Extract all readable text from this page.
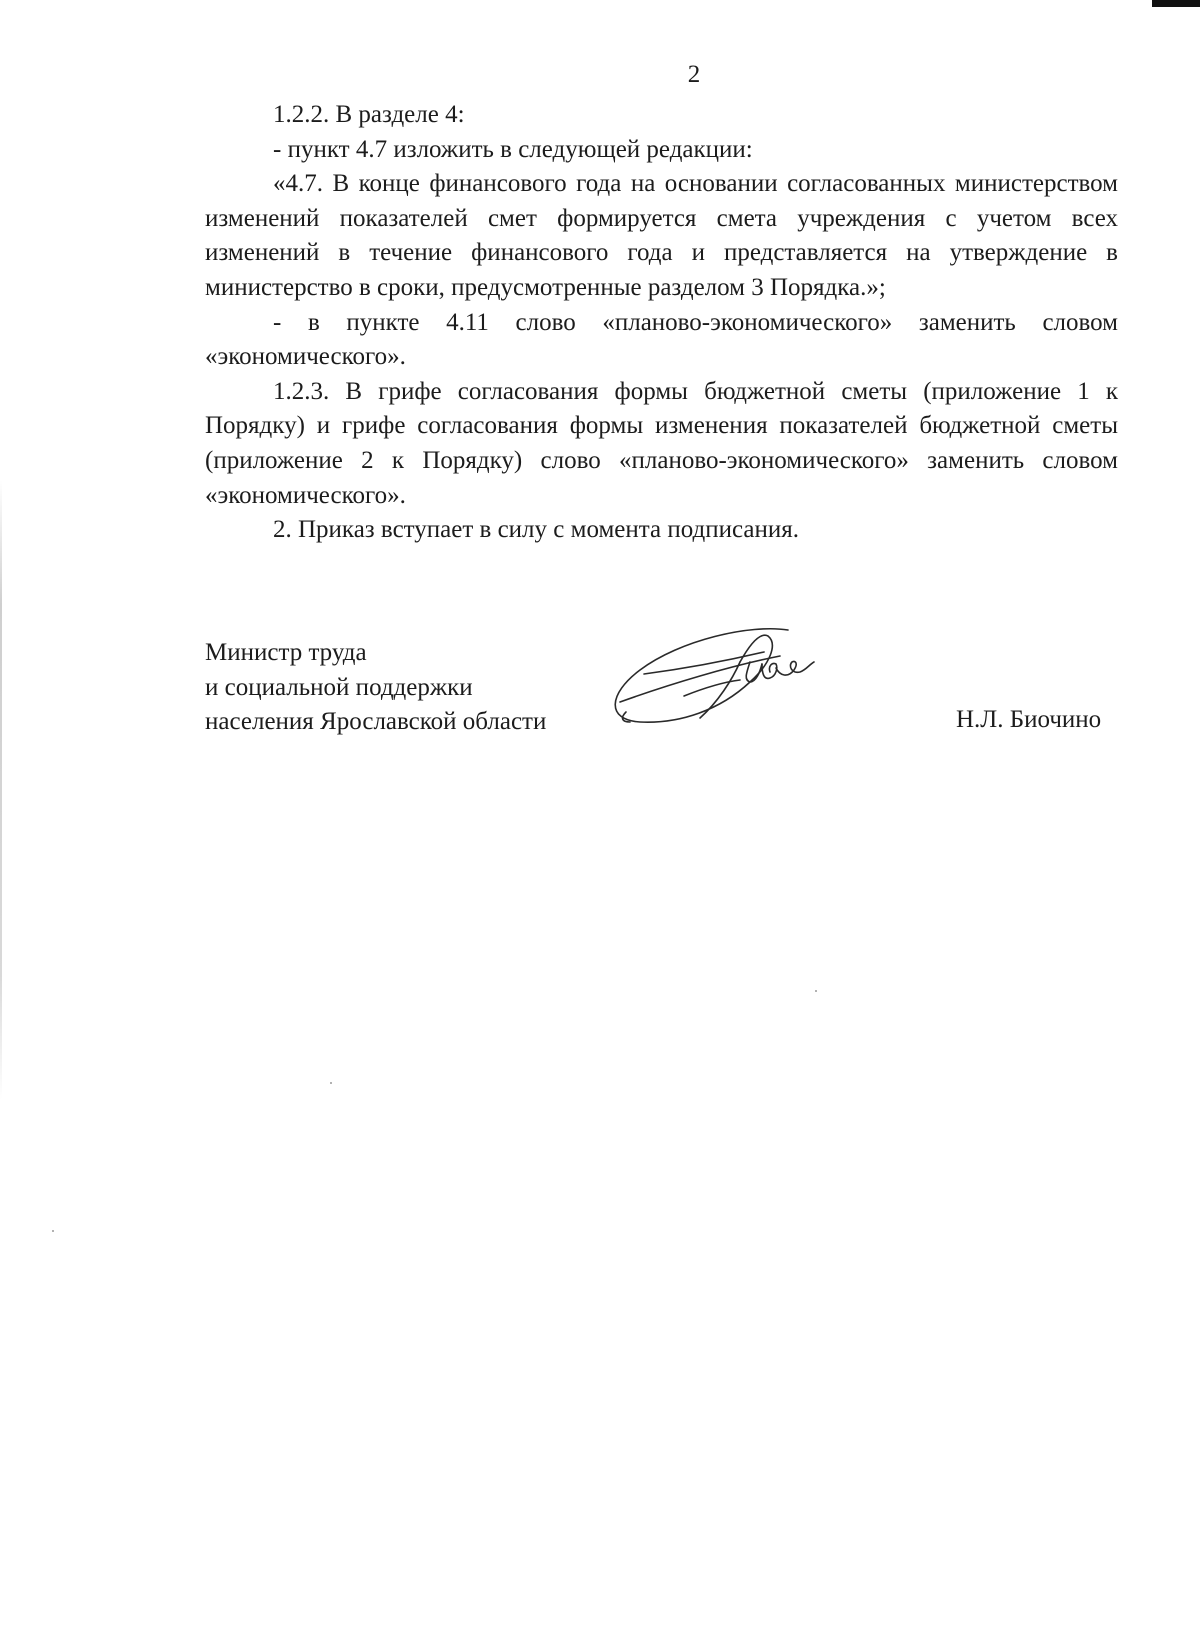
2

1.2.2. В разделе 4:

- пункт 4.7 изложить в следующей редакции:

«4.7. В конце финансового года на основании согласованных министерством изменений показателей смет формируется смета учреждения с учетом всех изменений в течение финансового года и представляется на утверждение в министерство в сроки, предусмотренные разделом 3 Порядка.»;

- в пункте 4.11 слово «планово-экономического» заменить словом «экономического».

1.2.3. В грифе согласования формы бюджетной сметы (приложение 1 к Порядку) и грифе согласования формы изменения показателей бюджетной сметы (приложение 2 к Порядку) слово «планово-экономического» заменить словом «экономического».

2. Приказ вступает в силу с момента подписания.

Министр труда
и социальной поддержки
населения Ярославской области	Н.Л. Биочино
